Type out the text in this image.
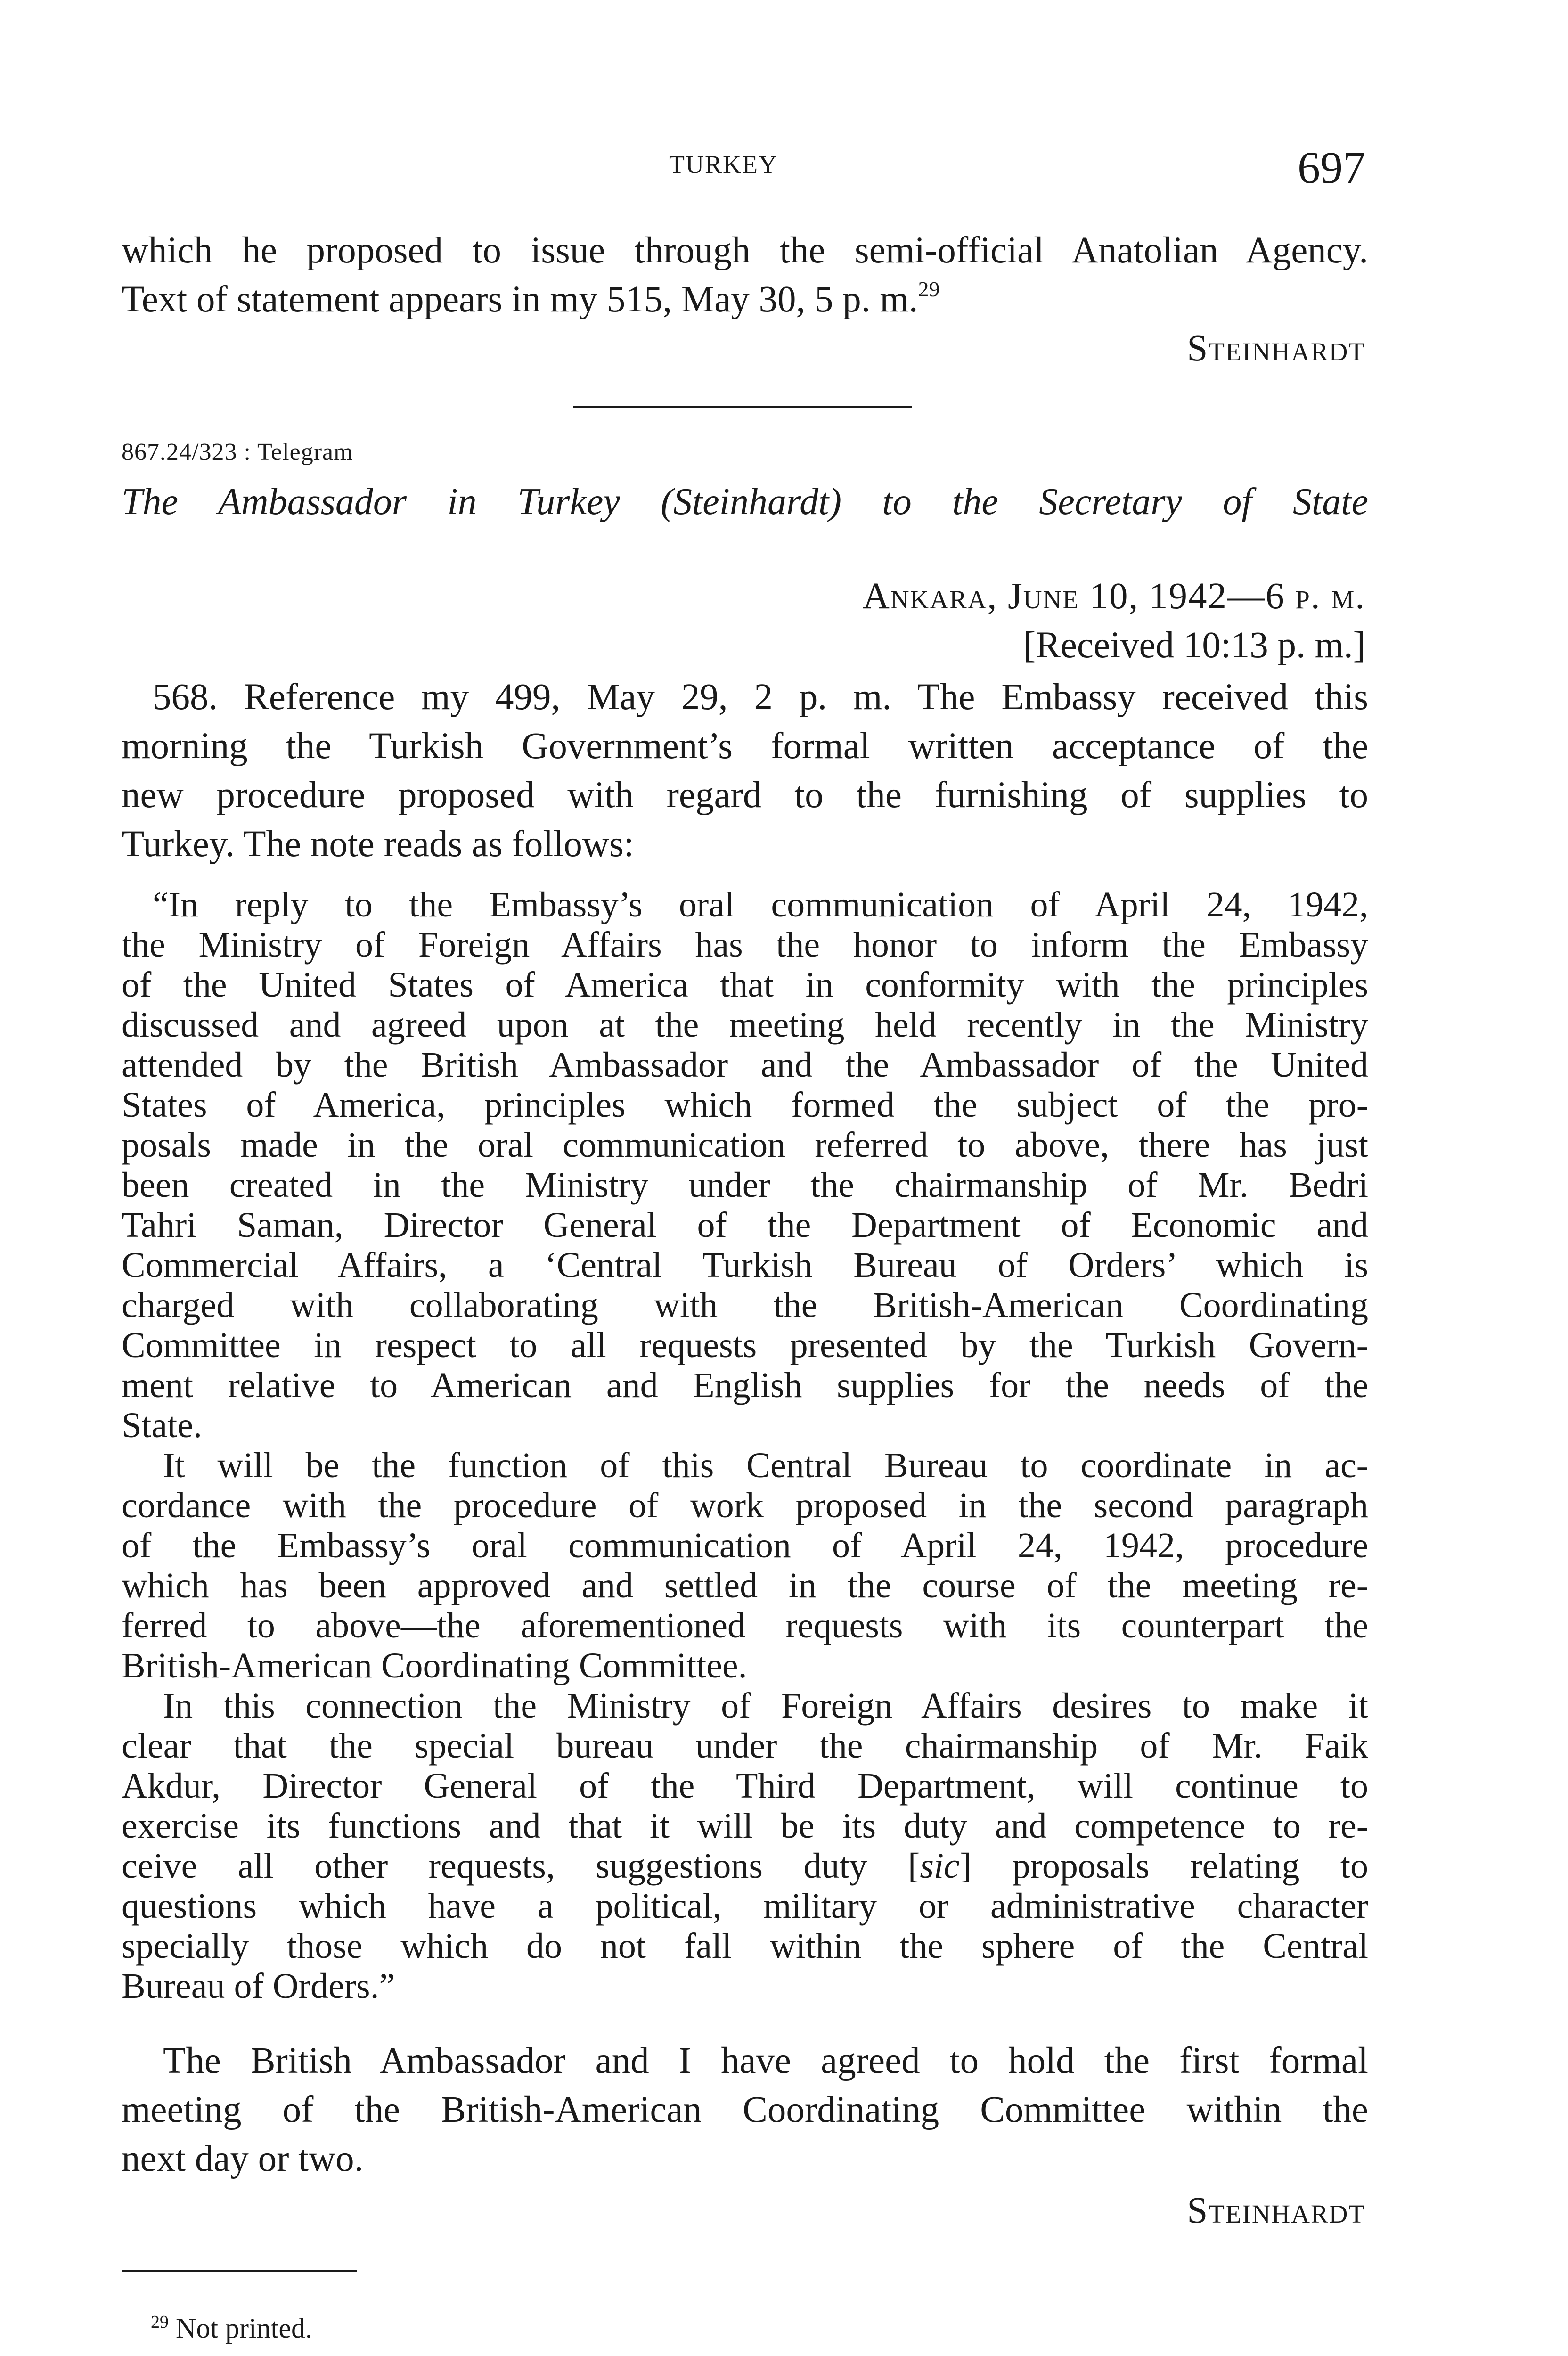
TURKEY	697
which he proposed to issue through the semi-official Anatolian Agency.
Text of statement appears in my 515, May 30, 5 p. m.$^{29}$
Steinhardt
867.24/323 : Telegram
The Ambassador in Turkey (Steinhardt) to the Secretary of State
Ankara, June 10, 1942—6 p. m.
[Received 10:13 p. m.]
568. Reference my 499, May 29, 2 p. m. The Embassy received this
morning the Turkish Government’s formal written acceptance of the
new procedure proposed with regard to the furnishing of supplies to
Turkey. The note reads as follows:
“In reply to the Embassy’s oral communication of April 24, 1942,
the Ministry of Foreign Affairs has the honor to inform the Embassy
of the United States of America that in conformity with the principles
discussed and agreed upon at the meeting held recently in the Ministry
attended by the British Ambassador and the Ambassador of the United
States of America, principles which formed the subject of the pro-
posals made in the oral communication referred to above, there has just
been created in the Ministry under the chairmanship of Mr. Bedri
Tahri Saman, Director General of the Department of Economic and
Commercial Affairs, a ‘Central Turkish Bureau of Orders’ which is
charged with collaborating with the British-American Coordinating
Committee in respect to all requests presented by the Turkish Govern-
ment relative to American and English supplies for the needs of the
State.
It will be the function of this Central Bureau to coordinate in ac-
cordance with the procedure of work proposed in the second paragraph
of the Embassy’s oral communication of April 24, 1942, procedure
which has been approved and settled in the course of the meeting re-
ferred to above—the aforementioned requests with its counterpart the
British-American Coordinating Committee.
In this connection the Ministry of Foreign Affairs desires to make it
clear that the special bureau under the chairmanship of Mr. Faik
Akdur, Director General of the Third Department, will continue to
exercise its functions and that it will be its duty and competence to re-
ceive all other requests, suggestions duty [sic] proposals relating to
questions which have a political, military or administrative character
specially those which do not fall within the sphere of the Central
Bureau of Orders.”
The British Ambassador and I have agreed to hold the first formal
meeting of the British-American Coordinating Committee within the
next day or two.
Steinhardt
$^{29}$ Not printed.
